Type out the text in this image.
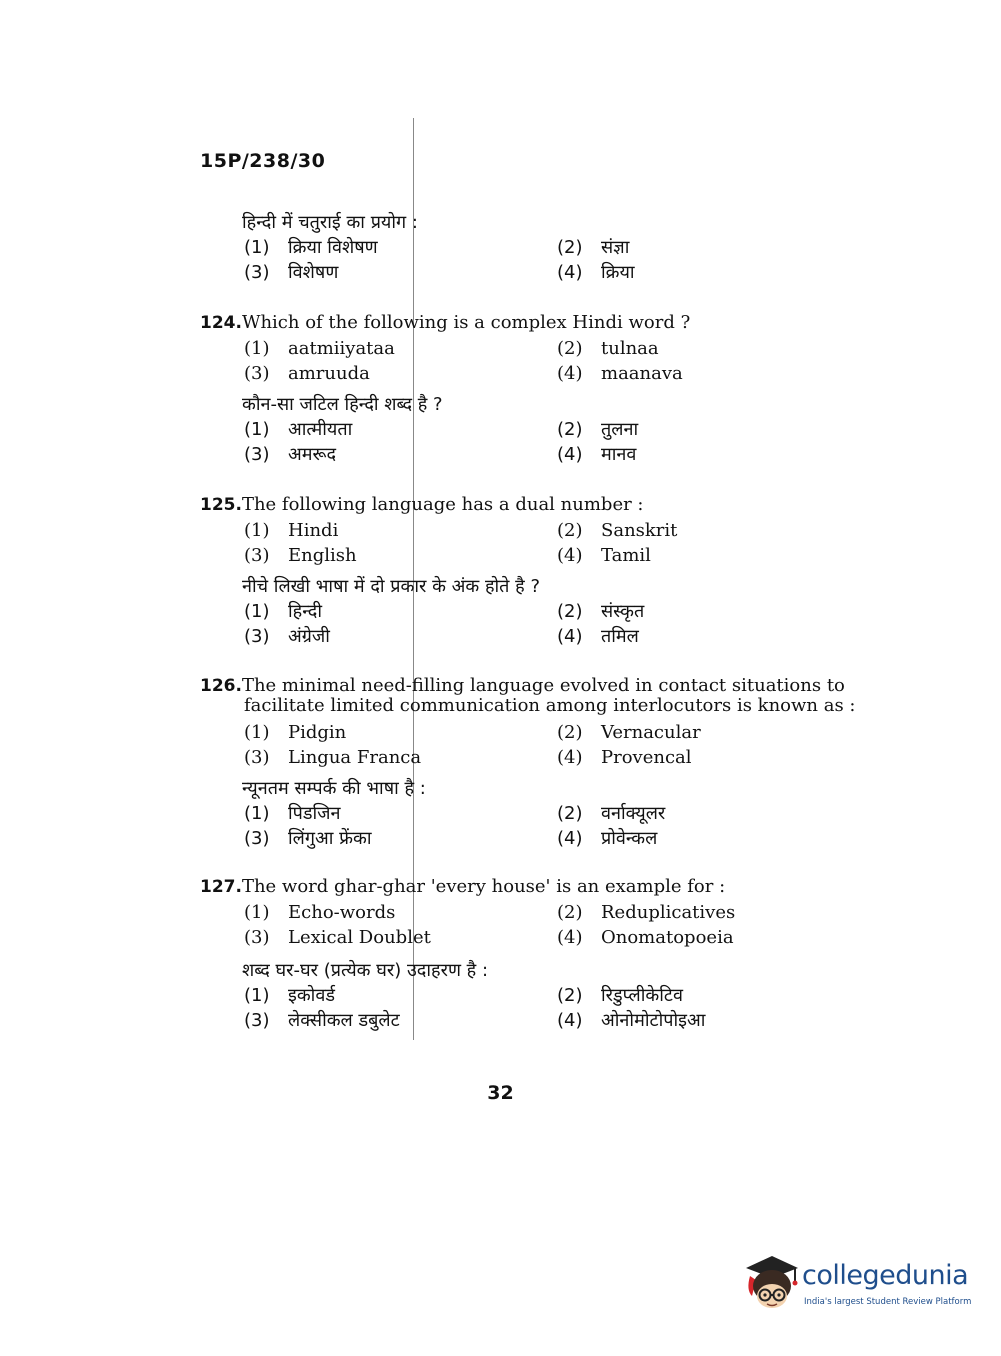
15P/238/30
हिन्दी में चतुराई का प्रयोग :
(1) क्रिया विशेषण	(2) संज्ञा
(3) विशेषण	(4) क्रिया
124.Which of the following is a complex Hindi word ?
(1) aatmiiyataa	(2) tulnaa
(3) amruuda	(4) maanava
कौन-सा जटिल हिन्दी शब्द है ?
(1) आत्मीयता	(2) तुलना
(3) अमरूद	(4) मानव
125.The following language has a dual number :
(1) Hindi	(2) Sanskrit
(3) English	(4) Tamil
नीचे लिखी भाषा में दो प्रकार के अंक होते है ?
(1) हिन्दी	(2) संस्कृत
(3) अंग्रेजी	(4) तमिल
126.The minimal need-filling language evolved in contact situations to facilitate limited communication among interlocutors is known as :
(1) Pidgin	(2) Vernacular
(3) Lingua Franca	(4) Provencal
न्यूनतम सम्पर्क की भाषा है :
(1) पिडजिन	(2) वर्नाक्यूलर
(3) लिंगुआ फ्रेंका	(4) प्रोवेन्कल
127.The word ghar-ghar 'every house' is an example for :
(1) Echo-words	(2) Reduplicatives
(3) Lexical Doublet	(4) Onomatopoeia
शब्द घर-घर (प्रत्येक घर) उदाहरण है :
(1) इकोवर्ड	(2) रिडुप्लीकेटिव
(3) लेक्सीकल डबुलेट	(4) ओनोमोटोपोइआ
32
collegedunia
India's largest Student Review Platform
